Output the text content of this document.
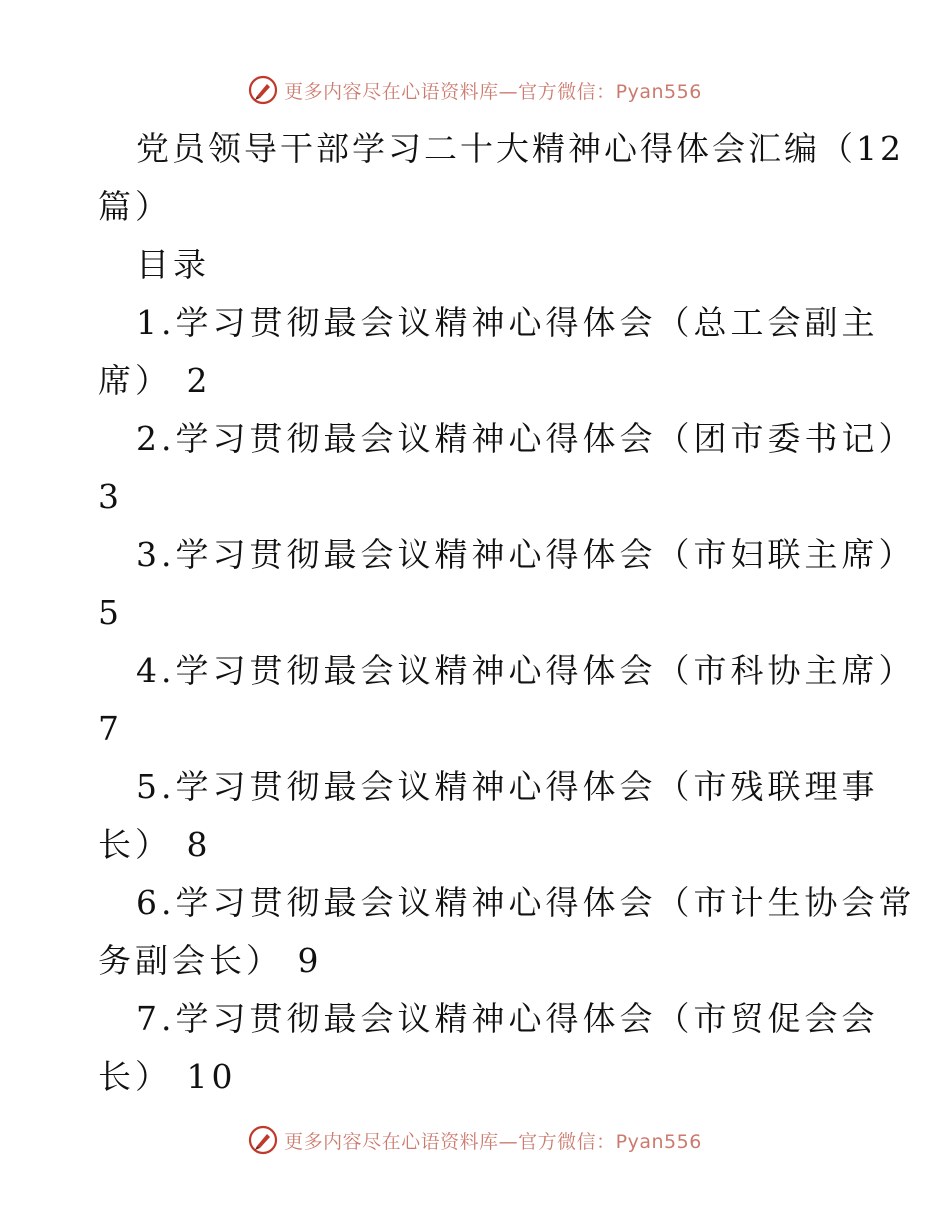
更多内容尽在心语资料库—官方微信：Pyan556
党员领导干部学习二十大精神心得体会汇编（12
篇）
目录
1.学习贯彻最会议精神心得体会（总工会副主
席） 2
2.学习贯彻最会议精神心得体会（团市委书记）
3
3.学习贯彻最会议精神心得体会（市妇联主席）
5
4.学习贯彻最会议精神心得体会（市科协主席）
7
5.学习贯彻最会议精神心得体会（市残联理事
长） 8
6.学习贯彻最会议精神心得体会（市计生协会常
务副会长） 9
7.学习贯彻最会议精神心得体会（市贸促会会
长） 10
更多内容尽在心语资料库—官方微信：Pyan556
